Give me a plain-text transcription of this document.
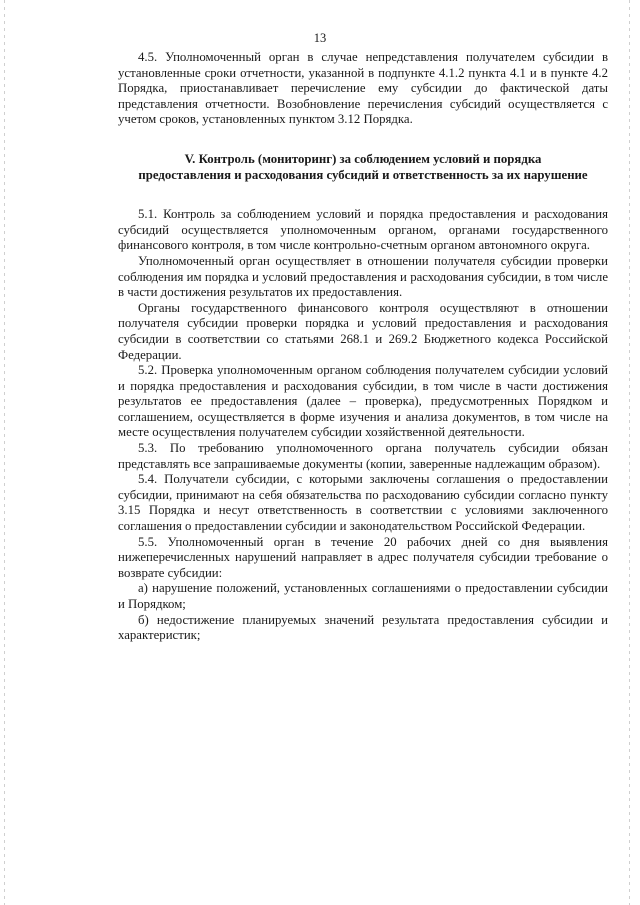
13

4.5. Уполномоченный орган в случае непредставления получателем субсидии в установленные сроки отчетности, указанной в подпункте 4.1.2 пункта 4.1 и в пункте 4.2 Порядка, приостанавливает перечисление ему субсидии до фактической даты представления отчетности. Возобновление перечисления субсидий осуществляется с учетом сроков, установленных пунктом 3.12 Порядка.

V. Контроль (мониторинг) за соблюдением условий и порядка предоставления и расходования субсидий и ответственность за их нарушение

5.1. Контроль за соблюдением условий и порядка предоставления и расходования субсидий осуществляется уполномоченным органом, органами государственного финансового контроля, в том числе контрольно-счетным органом автономного округа.

Уполномоченный орган осуществляет в отношении получателя субсидии проверки соблюдения им порядка и условий предоставления и расходования субсидии, в том числе в части достижения результатов их предоставления.

Органы государственного финансового контроля осуществляют в отношении получателя субсидии проверки порядка и условий предоставления и расходования субсидии в соответствии со статьями 268.1 и 269.2 Бюджетного кодекса Российской Федерации.

5.2. Проверка уполномоченным органом соблюдения получателем субсидии условий и порядка предоставления и расходования субсидии, в том числе в части достижения результатов ее предоставления (далее – проверка), предусмотренных Порядком и соглашением, осуществляется в форме изучения и анализа документов, в том числе на месте осуществления получателем субсидии хозяйственной деятельности.

5.3. По требованию уполномоченного органа получатель субсидии обязан представлять все запрашиваемые документы (копии, заверенные надлежащим образом).

5.4. Получатели субсидии, с которыми заключены соглашения о предоставлении субсидии, принимают на себя обязательства по расходованию субсидии согласно пункту 3.15 Порядка и несут ответственность в соответствии с условиями заключенного соглашения о предоставлении субсидии и законодательством Российской Федерации.

5.5. Уполномоченный орган в течение 20 рабочих дней со дня выявления нижеперечисленных нарушений направляет в адрес получателя субсидии требование о возврате субсидии:

а) нарушение положений, установленных соглашениями о предоставлении субсидии и Порядком;

б) недостижение планируемых значений результата предоставления субсидии и характеристик;
